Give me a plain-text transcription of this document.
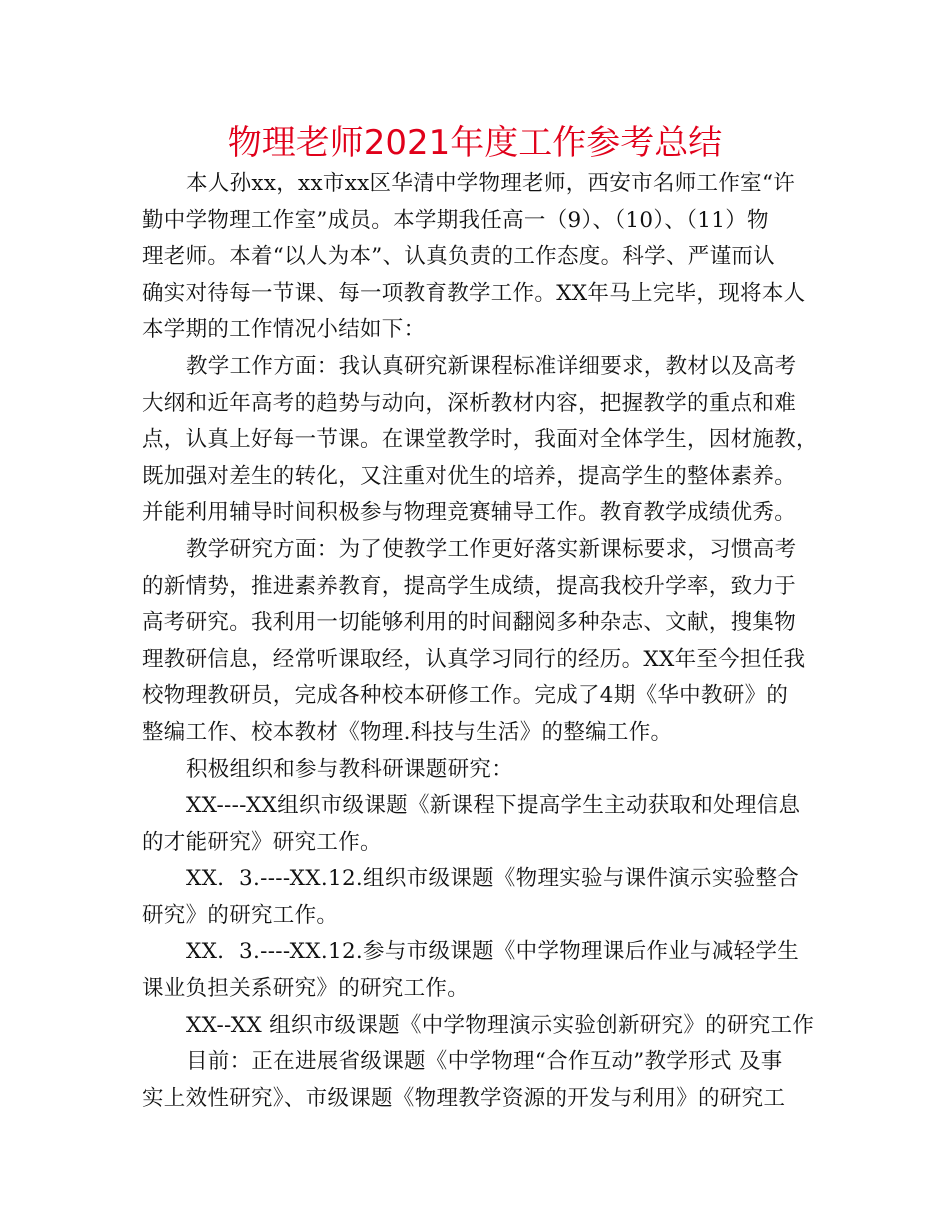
物理老师2021年度工作参考总结
本人孙xx，xx市xx区华清中学物理老师，西安市名师工作室“许
勤中学物理工作室”成员。本学期我任高一（9）、（10）、（11）物
理老师。本着“以人为本”、认真负责的工作态度。科学、严谨而认
确实对待每一节课、每一项教育教学工作。XX年马上完毕，现将本人
本学期的工作情况小结如下：
教学工作方面：我认真研究新课程标准详细要求，教材以及高考
大纲和近年高考的趋势与动向，深析教材内容，把握教学的重点和难
点，认真上好每一节课。在课堂教学时，我面对全体学生，因材施教，
既加强对差生的转化，又注重对优生的培养，提高学生的整体素养。
并能利用辅导时间积极参与物理竞赛辅导工作。教育教学成绩优秀。
教学研究方面：为了使教学工作更好落实新课标要求，习惯高考
的新情势，推进素养教育，提高学生成绩，提高我校升学率，致力于
高考研究。我利用一切能够利用的时间翻阅多种杂志、文献，搜集物
理教研信息，经常听课取经，认真学习同行的经历。XX年至今担任我
校物理教研员，完成各种校本研修工作。完成了4期《华中教研》的
整编工作、校本教材《物理.科技与生活》的整编工作。
积极组织和参与教科研课题研究：
XX----XX组织市级课题《新课程下提高学生主动获取和处理信息
的才能研究》研究工作。
XX．3.----XX.12.组织市级课题《物理实验与课件演示实验整合
研究》的研究工作。
XX．3.----XX.12.参与市级课题《中学物理课后作业与减轻学生
课业负担关系研究》的研究工作。
XX--XX 组织市级课题《中学物理演示实验创新研究》的研究工作
目前：正在进展省级课题《中学物理“合作互动”教学形式 及事
实上效性研究》、市级课题《物理教学资源的开发与利用》的研究工
